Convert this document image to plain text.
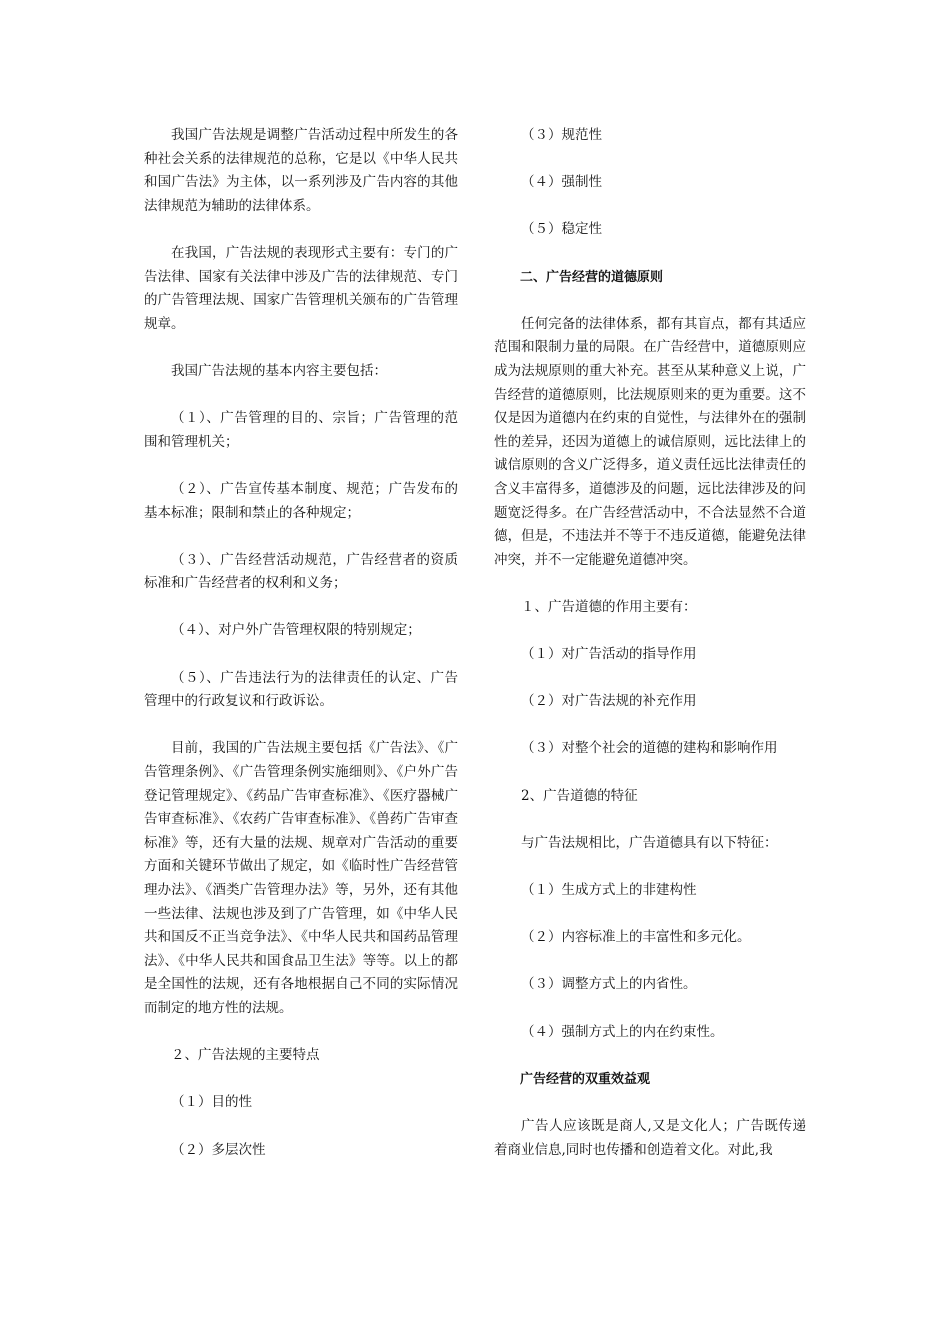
我国广告法规是调整广告活动过程中所发生的各种社会关系的法律规范的总称，它是以《中华人民共和国广告法》为主体，以一系列涉及广告内容的其他法律规范为辅助的法律体系。

在我国，广告法规的表现形式主要有：专门的广告法律、国家有关法律中涉及广告的法律规范、专门的广告管理法规、国家广告管理机关颁布的广告管理规章。

我国广告法规的基本内容主要包括：

（１）、广告管理的目的、宗旨；广告管理的范围和管理机关；

（２）、广告宣传基本制度、规范；广告发布的基本标准；限制和禁止的各种规定；

（３）、广告经营活动规范，广告经营者的资质标准和广告经营者的权利和义务；

（４）、对户外广告管理权限的特别规定；

（５）、广告违法行为的法律责任的认定、广告管理中的行政复议和行政诉讼。

目前，我国的广告法规主要包括《广告法》、《广告管理条例》、《广告管理条例实施细则》、《户外广告登记管理规定》、《药品广告审查标准》、《医疗器械广告审查标准》、《农药广告审查标准》、《兽药广告审查标准》等，还有大量的法规、规章对广告活动的重要方面和关键环节做出了规定，如《临时性广告经营管理办法》、《酒类广告管理办法》等，另外，还有其他一些法律、法规也涉及到了广告管理，如《中华人民共和国反不正当竞争法》、《中华人民共和国药品管理法》、《中华人民共和国食品卫生法》等等。以上的都是全国性的法规，还有各地根据自己不同的实际情况而制定的地方性的法规。

２、广告法规的主要特点

（１）目的性

（２）多层次性

（３）规范性

（４）强制性

（５）稳定性

二、广告经营的道德原则

任何完备的法律体系，都有其盲点，都有其适应范围和限制力量的局限。在广告经营中，道德原则应成为法规原则的重大补充。甚至从某种意义上说，广告经营的道德原则，比法规原则来的更为重要。这不仅是因为道德内在约束的自觉性，与法律外在的强制性的差异，还因为道德上的诚信原则，远比法律上的诚信原则的含义广泛得多，道义责任远比法律责任的含义丰富得多，道德涉及的问题，远比法律涉及的问题宽泛得多。在广告经营活动中，不合法显然不合道德，但是，不违法并不等于不违反道德，能避免法律冲突，并不一定能避免道德冲突。

１、广告道德的作用主要有：

（１）对广告活动的指导作用

（２）对广告法规的补充作用

（３）对整个社会的道德的建构和影响作用

2、广告道德的特征

与广告法规相比，广告道德具有以下特征：

（１）生成方式上的非建构性

（２）内容标准上的丰富性和多元化。

（３）调整方式上的内省性。

（４）强制方式上的内在约束性。

广告经营的双重效益观

广告人应该既是商人,又是文化人；广告既传递着商业信息,同时也传播和创造着文化。对此,我
